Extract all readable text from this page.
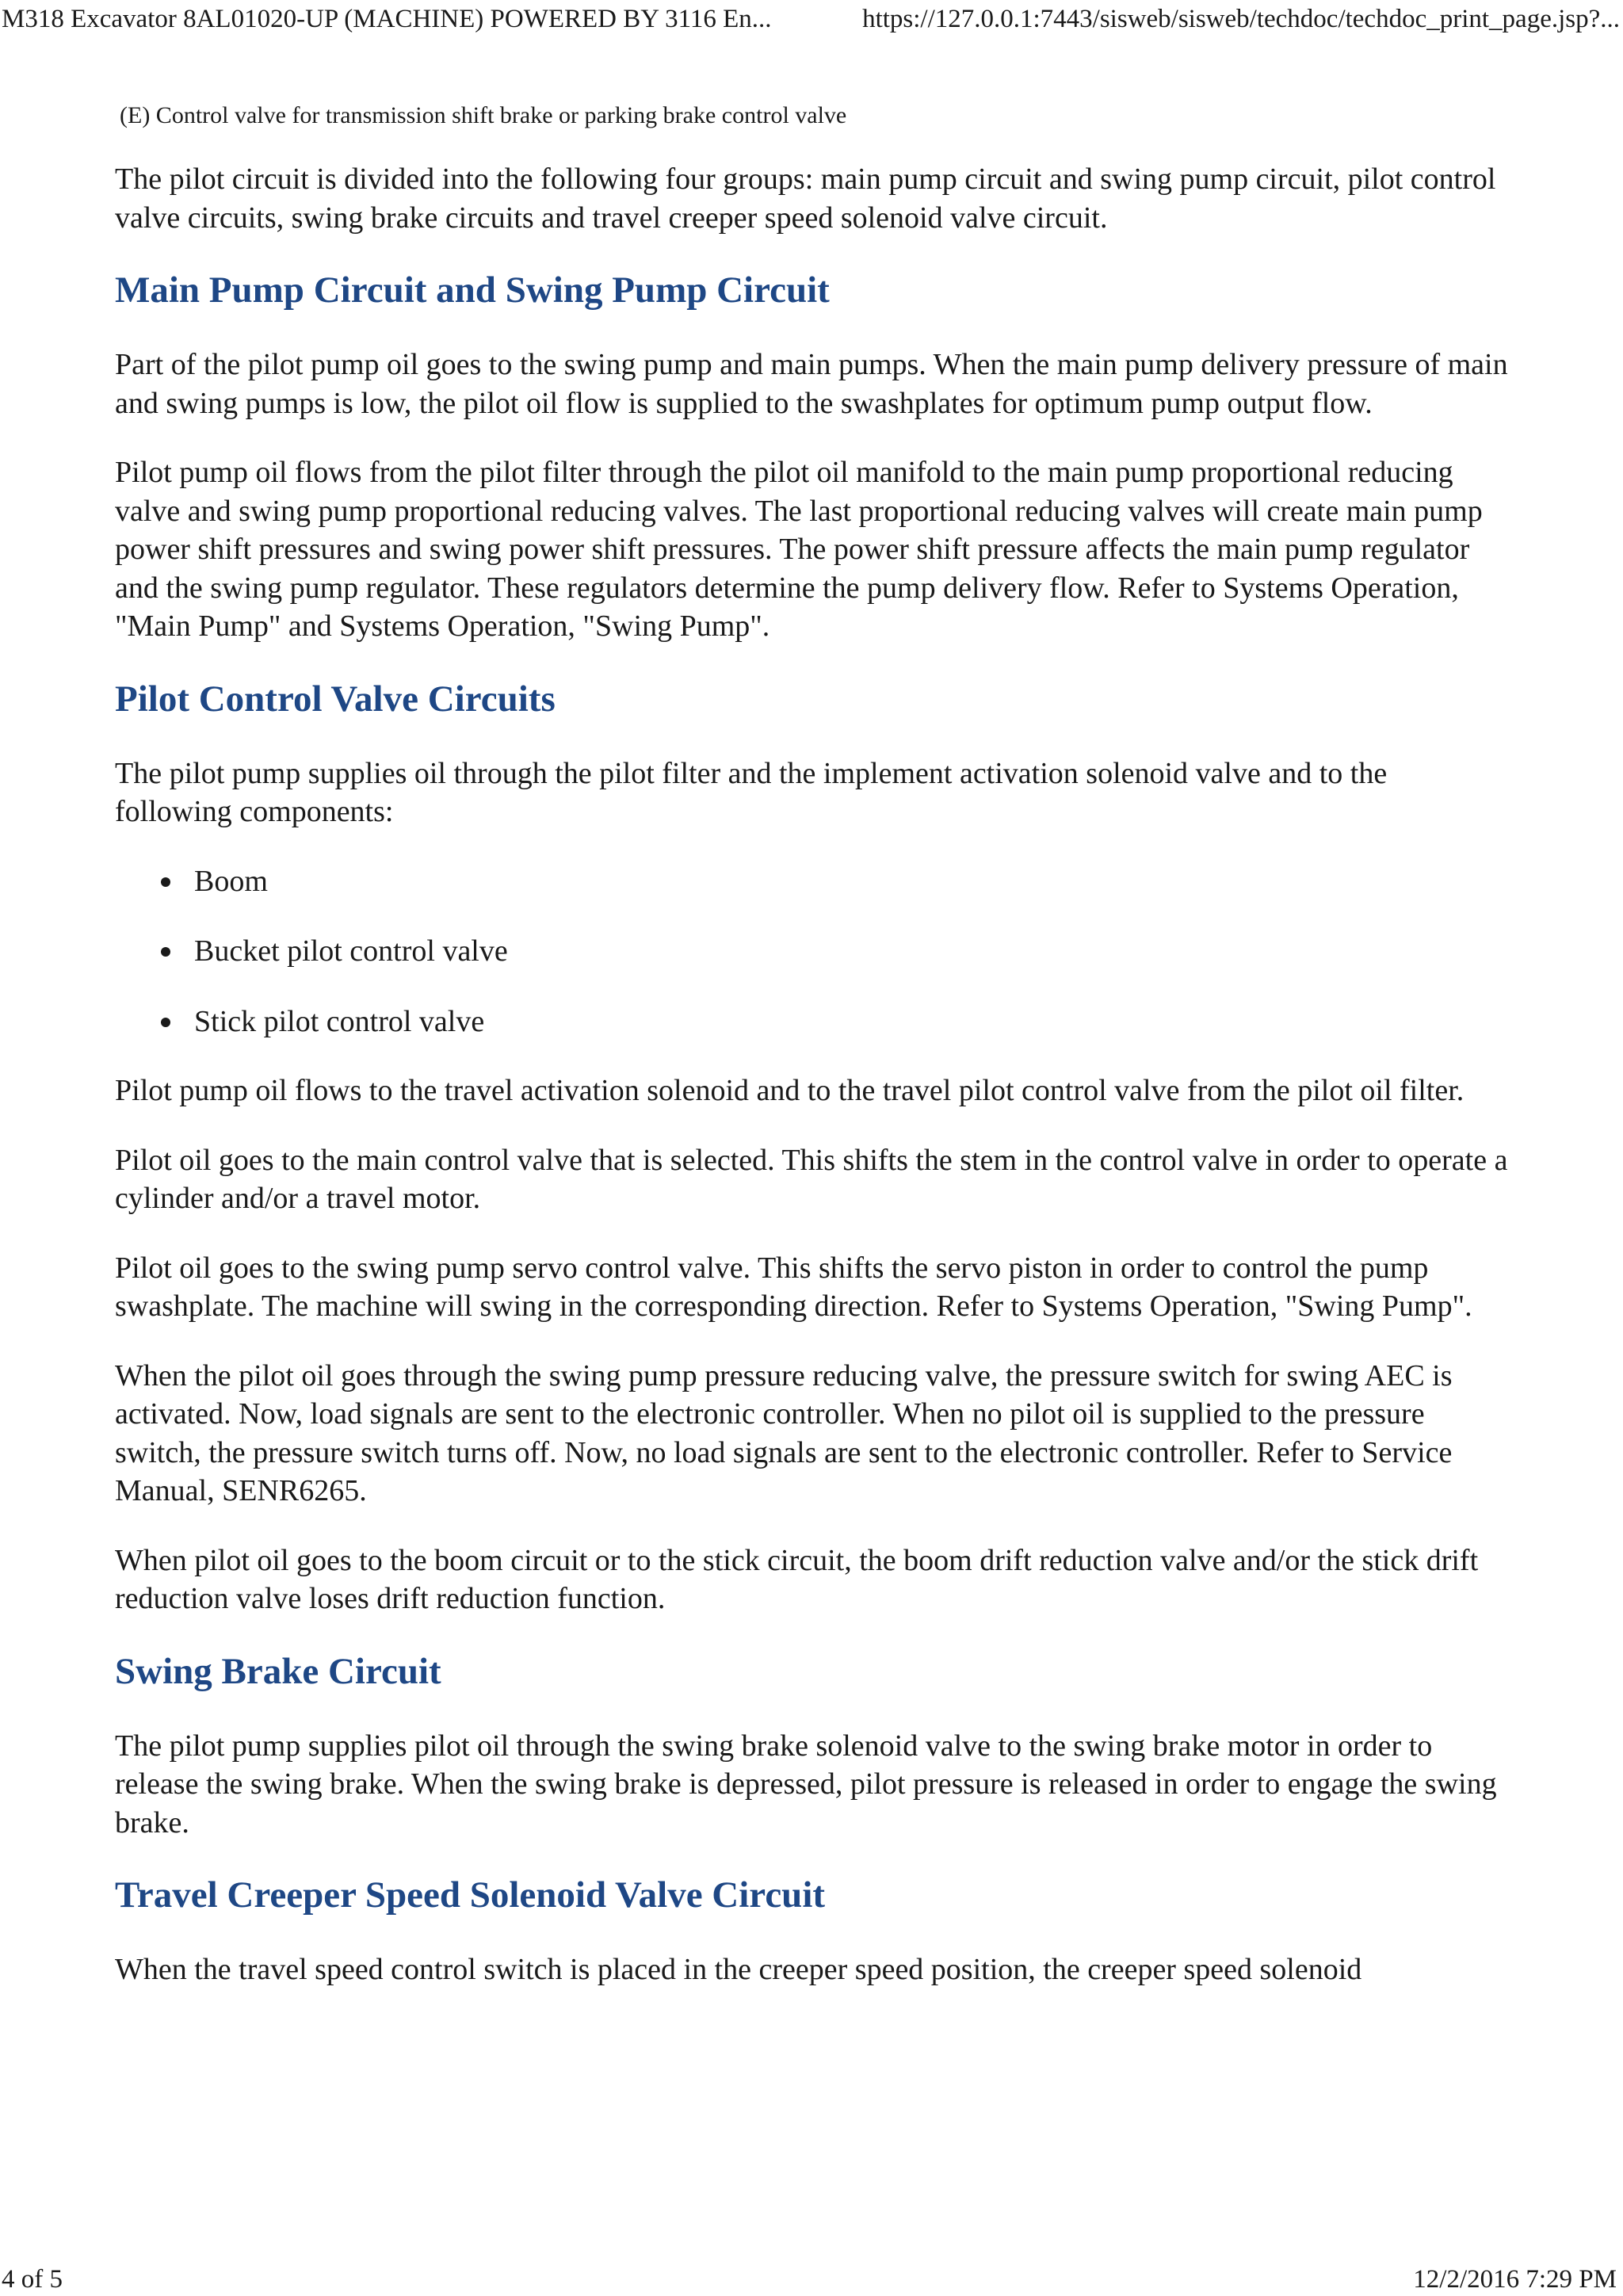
M318 Excavator 8AL01020-UP (MACHINE) POWERED BY 3116 En...	https://127.0.0.1:7443/sisweb/sisweb/techdoc/techdoc_print_page.jsp?...
(E) Control valve for transmission shift brake or parking brake control valve

The pilot circuit is divided into the following four groups: main pump circuit and swing pump circuit, pilot control valve circuits, swing brake circuits and travel creeper speed solenoid valve circuit.

Main Pump Circuit and Swing Pump Circuit

Part of the pilot pump oil goes to the swing pump and main pumps. When the main pump delivery pressure of main and swing pumps is low, the pilot oil flow is supplied to the swashplates for optimum pump output flow.

Pilot pump oil flows from the pilot filter through the pilot oil manifold to the main pump proportional reducing valve and swing pump proportional reducing valves. The last proportional reducing valves will create main pump power shift pressures and swing power shift pressures. The power shift pressure affects the main pump regulator and the swing pump regulator. These regulators determine the pump delivery flow. Refer to Systems Operation, "Main Pump" and Systems Operation, "Swing Pump".

Pilot Control Valve Circuits

The pilot pump supplies oil through the pilot filter and the implement activation solenoid valve and to the following components:

Boom
Bucket pilot control valve
Stick pilot control valve

Pilot pump oil flows to the travel activation solenoid and to the travel pilot control valve from the pilot oil filter.

Pilot oil goes to the main control valve that is selected. This shifts the stem in the control valve in order to operate a cylinder and/or a travel motor.

Pilot oil goes to the swing pump servo control valve. This shifts the servo piston in order to control the pump swashplate. The machine will swing in the corresponding direction. Refer to Systems Operation, "Swing Pump".

When the pilot oil goes through the swing pump pressure reducing valve, the pressure switch for swing AEC is activated. Now, load signals are sent to the electronic controller. When no pilot oil is supplied to the pressure switch, the pressure switch turns off. Now, no load signals are sent to the electronic controller. Refer to Service Manual, SENR6265.

When pilot oil goes to the boom circuit or to the stick circuit, the boom drift reduction valve and/or the stick drift reduction valve loses drift reduction function.

Swing Brake Circuit

The pilot pump supplies pilot oil through the swing brake solenoid valve to the swing brake motor in order to release the swing brake. When the swing brake is depressed, pilot pressure is released in order to engage the swing brake.

Travel Creeper Speed Solenoid Valve Circuit

When the travel speed control switch is placed in the creeper speed position, the creeper speed solenoid

4 of 5	12/2/2016 7:29 PM
